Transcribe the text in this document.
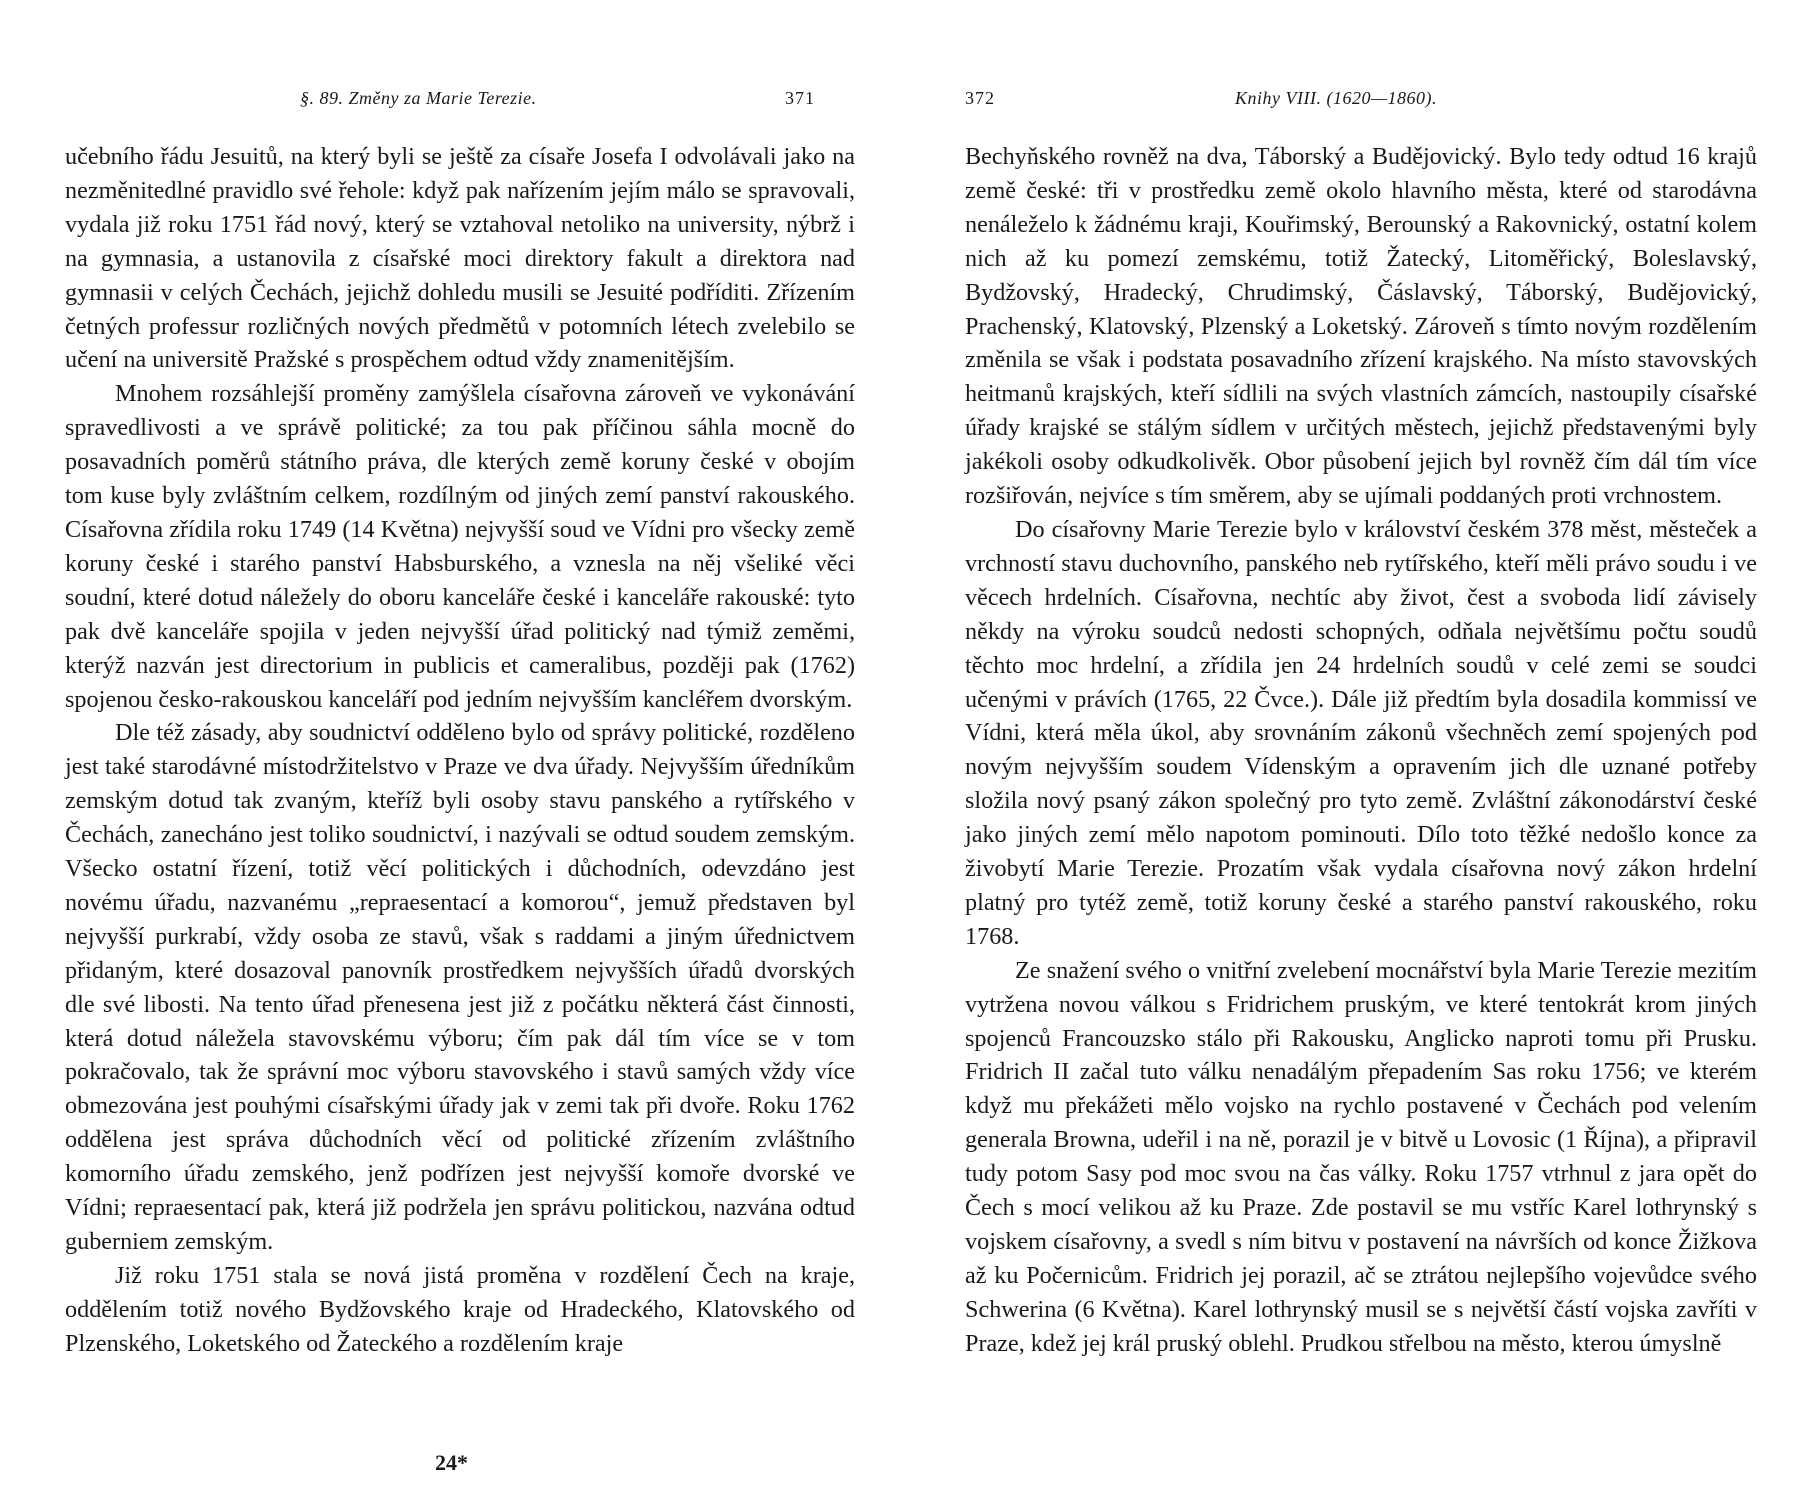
§. 89. Změny za Marie Terezie.	371

učebního řádu Jesuitů, na který byli se ještě za císaře Josefa I odvolávali jako na nezměnitedlné pravidlo své řehole: když pak nařízením jejím málo se spravovali, vydala již roku 1751 řád nový, který se vztahoval netoliko na university, nýbrž i na gymnasia, a ustanovila z císařské moci direktory fakult a direktora nad gymnasii v celých Čechách, jejichž dohledu musili se Jesuité podříditi. Zřízením četných professur rozličných nových předmětů v potomních létech zvelebilo se učení na universitě Pražské s prospěchem odtud vždy znamenitějším.

Mnohem rozsáhlejší proměny zamýšlela císařovna zároveň ve vykonávání spravedlivosti a ve správě politické; za tou pak příčinou sáhla mocně do posavadních poměrů státního práva, dle kterých země koruny české v obojím tom kuse byly zvláštním celkem, rozdílným od jiných zemí panství rakouského. Císařovna zřídila roku 1749 (14 Května) nejvyšší soud ve Vídni pro všecky země koruny české i starého panství Habsburského, a vznesla na něj všeliké věci soudní, které dotud náležely do oboru kanceláře české i kanceláře rakouské: tyto pak dvě kanceláře spojila v jeden nejvyšší úřad politický nad týmiž zeměmi, kterýž nazván jest directorium in publicis et cameralibus, později pak (1762) spojenou česko-rakouskou kanceláří pod jedním nejvyšším kancléřem dvorským.

Dle též zásady, aby soudnictví odděleno bylo od správy politické, rozděleno jest také starodávné místodržitelstvo v Praze ve dva úřady. Nejvyšším úředníkům zemským dotud tak zvaným, kteříž byli osoby stavu panského a rytířského v Čechách, zanecháno jest toliko soudnictví, i nazývali se odtud soudem zemským. Všecko ostatní řízení, totiž věcí politických i důchodních, odevzdáno jest novému úřadu, nazvanému „repraesentací a komorou“, jemuž představen byl nejvyšší purkrabí, vždy osoba ze stavů, však s raddami a jiným úřednictvem přidaným, které dosazoval panovník prostředkem nejvyšších úřadů dvorských dle své libosti. Na tento úřad přenesena jest již z počátku některá část činnosti, která dotud náležela stavovskému výboru; čím pak dál tím více se v tom pokračovalo, tak že správní moc výboru stavovského i stavů samých vždy více obmezována jest pouhými císařskými úřady jak v zemi tak při dvoře. Roku 1762 oddělena jest správa důchodních věcí od politické zřízením zvláštního komorního úřadu zemského, jenž podřízen jest nejvyšší komoře dvorské ve Vídni; repraesentací pak, která již podržela jen správu politickou, nazvána odtud guberniem zemským.

Již roku 1751 stala se nová jistá proměna v rozdělení Čech na kraje, oddělením totiž nového Bydžovského kraje od Hradeckého, Klatovského od Plzenského, Loketského od Žateckého a rozdělením kraje

24*
372	Knihy VIII. (1620—1860).

Bechyňského rovněž na dva, Táborský a Budějovický. Bylo tedy odtud 16 krajů země české: tři v prostředku země okolo hlavního města, které od starodávna nenáleželo k žádnému kraji, Kouřimský, Berounský a Rakovnický, ostatní kolem nich až ku pomezí zemskému, totiž Žatecký, Litoměřický, Boleslavský, Bydžovský, Hradecký, Chrudimský, Čáslavský, Táborský, Budějovický, Prachenský, Klatovský, Plzenský a Loketský. Zároveň s tímto novým rozdělením změnila se však i podstata posavadního zřízení krajského. Na místo stavovských heitmanů krajských, kteří sídlili na svých vlastních zámcích, nastoupily císařské úřady krajské se stálým sídlem v určitých městech, jejichž představenými byly jakékoli osoby odkudkolivěk. Obor působení jejich byl rovněž čím dál tím více rozšiřován, nejvíce s tím směrem, aby se ujímali poddaných proti vrchnostem.

Do císařovny Marie Terezie bylo v království českém 378 měst, městeček a vrchností stavu duchovního, panského neb rytířského, kteří měli právo soudu i ve věcech hrdelních. Císařovna, nechtíc aby život, čest a svoboda lidí závisely někdy na výroku soudců nedosti schopných, odňala největšímu počtu soudů těchto moc hrdelní, a zřídila jen 24 hrdelních soudů v celé zemi se soudci učenými v právích (1765, 22 Čvce.). Dále již předtím byla dosadila kommissí ve Vídni, která měla úkol, aby srovnáním zákonů všechněch zemí spojených pod novým nejvyšším soudem Vídenským a opravením jich dle uznané potřeby složila nový psaný zákon společný pro tyto země. Zvláštní zákonodárství české jako jiných zemí mělo napotom pominouti. Dílo toto těžké nedošlo konce za živobytí Marie Terezie. Prozatím však vydala císařovna nový zákon hrdelní platný pro tytéž země, totiž koruny české a starého panství rakouského, roku 1768.

Ze snažení svého o vnitřní zvelebení mocnářství byla Marie Terezie mezitím vytržena novou válkou s Fridrichem pruským, ve které tentokrát krom jiných spojenců Francouzsko stálo při Rakousku, Anglicko naproti tomu při Prusku. Fridrich II začal tuto válku nenadálým přepadením Sas roku 1756; ve kterém když mu překážeti mělo vojsko na rychlo postavené v Čechách pod velením generala Browna, udeřil i na ně, porazil je v bitvě u Lovosic (1 Října), a připravil tudy potom Sasy pod moc svou na čas války. Roku 1757 vtrhnul z jara opět do Čech s mocí velikou až ku Praze. Zde postavil se mu vstříc Karel lothrynský s vojskem císařovny, a svedl s ním bitvu v postavení na návrších od konce Žižkova až ku Počernicům. Fridrich jej porazil, ač se ztrátou nejlepšího vojevůdce svého Schwerina (6 Května). Karel lothrynský musil se s největší částí vojska zavříti v Praze, kdež jej král pruský oblehl. Prudkou střelbou na město, kterou úmyslně
